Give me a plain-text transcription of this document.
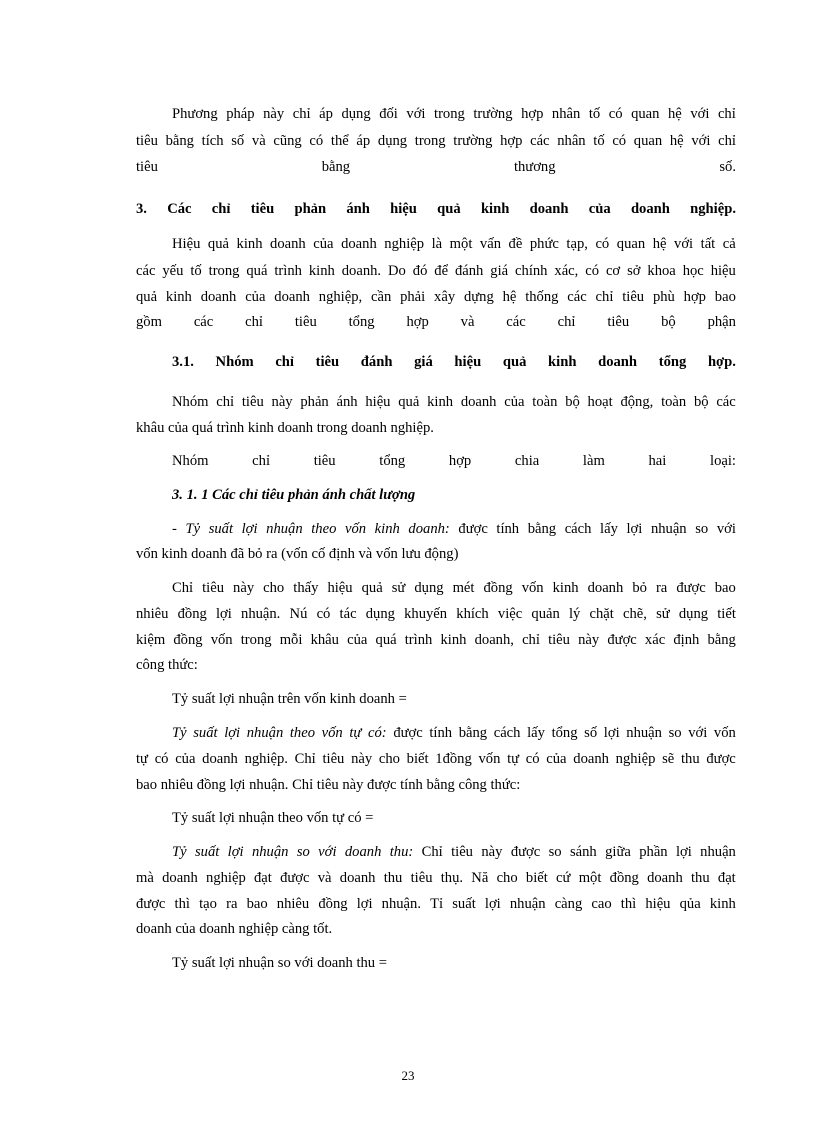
Phương pháp này chỉ áp dụng đối với trong trường hợp nhân tố có quan hệ với chỉ
tiêu bằng tích số và cũng có thể áp dụng trong trường hợp các nhân tố có quan hệ với chỉ
tiêu	bằng	thương	số.
3. Các chỉ tiêu phản ánh hiệu quả kinh doanh của doanh nghiệp.
Hiệu quả kinh doanh của doanh nghiệp là một vấn đề phức tạp, có quan hệ với tất cả
các yếu tố trong quá trình kinh doanh. Do đó để đánh giá chính xác, có cơ sở khoa học hiệu
quả kinh doanh của doanh nghiệp, cần phải xây dựng hệ thống các chỉ tiêu phù hợp bao
gồm các chỉ tiêu tổng hợp và các chỉ tiêu bộ phận
3.1. Nhóm chỉ tiêu đánh giá hiệu quả kinh doanh tổng hợp.
Nhóm chỉ tiêu này phản ánh hiệu quả kinh doanh của toàn bộ hoạt động, toàn bộ các
khâu của quá trình kinh doanh trong doanh nghiệp.
Nhóm	chỉ	tiêu	tổng	hợp	chia	làm	hai	loại:
3. 1. 1 Các chỉ tiêu phản ánh chất lượng
- Tỷ suất lợi nhuận theo vốn kinh doanh: được tính bằng cách lấy lợi nhuận so với
vốn kinh doanh đã bỏ ra (vốn cố định và vốn lưu động)
Chỉ tiêu này cho thấy hiệu quả sử dụng mét đồng vốn kinh doanh bỏ ra được bao
nhiêu đồng lợi nhuận. Nú có tác dụng khuyến khích việc quản lý chặt chẽ, sử dụng tiết
kiệm đồng vốn trong mỗi khâu của quá trình kinh doanh, chỉ tiêu này được xác định bằng
công thức:
Tỷ suất lợi nhuận trên vốn kinh doanh =
Tỷ suất lợi nhuận theo vốn tự có: được tính bằng cách lấy tổng số lợi nhuận so với vốn
tự có của doanh nghiệp. Chỉ tiêu này cho biết 1đồng vốn tự có của doanh nghiệp sẽ thu được
bao nhiêu đồng lợi nhuận. Chỉ tiêu này được tính bằng công thức:
Tỷ suất lợi nhuận theo vốn tự có =
Tỷ suất lợi nhuận so với doanh thu: Chỉ tiêu này được so sánh giữa phần lợi nhuận
mà doanh nghiệp đạt được và doanh thu tiêu thụ. Nă cho biết cứ một đồng doanh thu đạt
được thì tạo ra bao nhiêu đồng lợi nhuận. Tỉ suất lợi nhuận càng cao thì hiệu qủa kinh
doanh của doanh nghiệp càng tốt.
Tỷ suất lợi nhuận so với doanh thu =
23
